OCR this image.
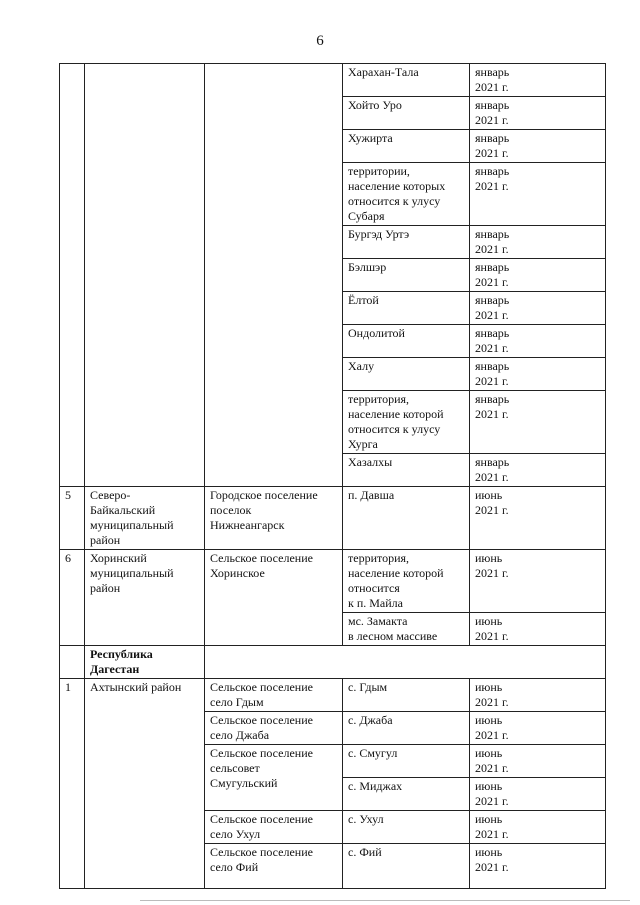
6
			Харахан-Тала	январь
2021 г.
			Хойто Уро	январь
2021 г.
			Хужирта	январь
2021 г.
			территории,
население которых
относится к улусу
Субаря	январь
2021 г.
			Бургэд Уртэ	январь
2021 г.
			Бэлшэр	январь
2021 г.
			Ёлтой	январь
2021 г.
			Ондолитой	январь
2021 г.
			Халу	январь
2021 г.
			территория,
население которой
относится к улусу
Хурга	январь
2021 г.
			Хазалхы	январь
2021 г.
5	Северо-
Байкальский
муниципальный
район	Городское поселение
поселок
Нижнеангарск	п. Давша	июнь
2021 г.
6	Хоринский
муниципальный
район	Сельское поселение
Хоринское	территория,
население которой
относится
к п. Майла	июнь
2021 г.
			мс. Замакта
в лесном массиве	июнь
2021 г.
	Республика
Дагестан			
1	Ахтынский район	Сельское поселение
село Гдым	с. Гдым	июнь
2021 г.
		Сельское поселение
село Джаба	с. Джаба	июнь
2021 г.
		Сельское поселение
сельсовет
Смугульский	с. Смугул	июнь
2021 г.
			с. Миджах	июнь
2021 г.
		Сельское поселение
село Ухул	с. Ухул	июнь
2021 г.
		Сельское поселение
село Фий	с. Фий	июнь
2021 г.
